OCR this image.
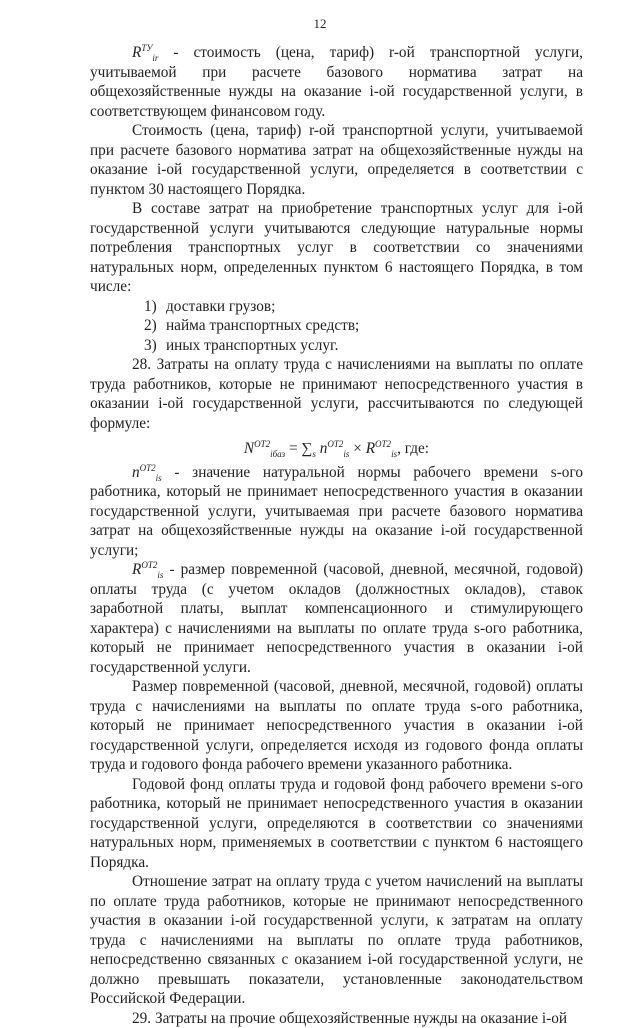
12

$R^{ТУ}_{ir}$ - стоимость (цена, тариф) r-ой транспортной услуги, учитываемой при расчете базового норматива затрат на общехозяйственные нужды на оказание i-ой государственной услуги, в соответствующем финансовом году.

Стоимость (цена, тариф) r-ой транспортной услуги, учитываемой при расчете базового норматива затрат на общехозяйственные нужды на оказание i-ой государственной услуги, определяется в соответствии с пунктом 30 настоящего Порядка.

В составе затрат на приобретение транспортных услуг для i-ой государственной услуги учитываются следующие натуральные нормы потребления транспортных услуг в соответствии со значениями натуральных норм, определенных пунктом 6 настоящего Порядка, в том числе:

1) доставки грузов;

2) найма транспортных средств;

3) иных транспортных услуг.

28. Затраты на оплату труда с начислениями на выплаты по оплате труда работников, которые не принимают непосредственного участия в оказании i-ой государственной услуги, рассчитываются по следующей формуле:

$N^{ОТ2}_{iбаз} = \sum_s$ $n^{ОТ2}_{is} \times R^{ОТ2}_{is}$, где:

$n^{ОТ2}_{is}$ - значение натуральной нормы рабочего времени s-ого работника, который не принимает непосредственного участия в оказании государственной услуги, учитываемая при расчете базового норматива затрат на общехозяйственные нужды на оказание i-ой государственной услуги;

$R^{ОТ2}_{is}$ - размер повременной (часовой, дневной, месячной, годовой) оплаты труда (с учетом окладов (должностных окладов), ставок заработной платы, выплат компенсационного и стимулирующего характера) с начислениями на выплаты по оплате труда s-ого работника, который не принимает непосредственного участия в оказании i-ой государственной услуги.

Размер повременной (часовой, дневной, месячной, годовой) оплаты труда с начислениями на выплаты по оплате труда s-ого работника, который не принимает непосредственного участия в оказании i-ой государственной услуги, определяется исходя из годового фонда оплаты труда и годового фонда рабочего времени указанного работника.

Годовой фонд оплаты труда и годовой фонд рабочего времени s-ого работника, который не принимает непосредственного участия в оказании государственной услуги, определяются в соответствии со значениями натуральных норм, применяемых в соответствии с пунктом 6 настоящего Порядка.

Отношение затрат на оплату труда с учетом начислений на выплаты по оплате труда работников, которые не принимают непосредственного участия в оказании i-ой государственной услуги, к затратам на оплату труда с начислениями на выплаты по оплате труда работников, непосредственно связанных с оказанием i-ой государственной услуги, не должно превышать показатели, установленные законодательством Российской Федерации.

29. Затраты на прочие общехозяйственные нужды на оказание i-ой
